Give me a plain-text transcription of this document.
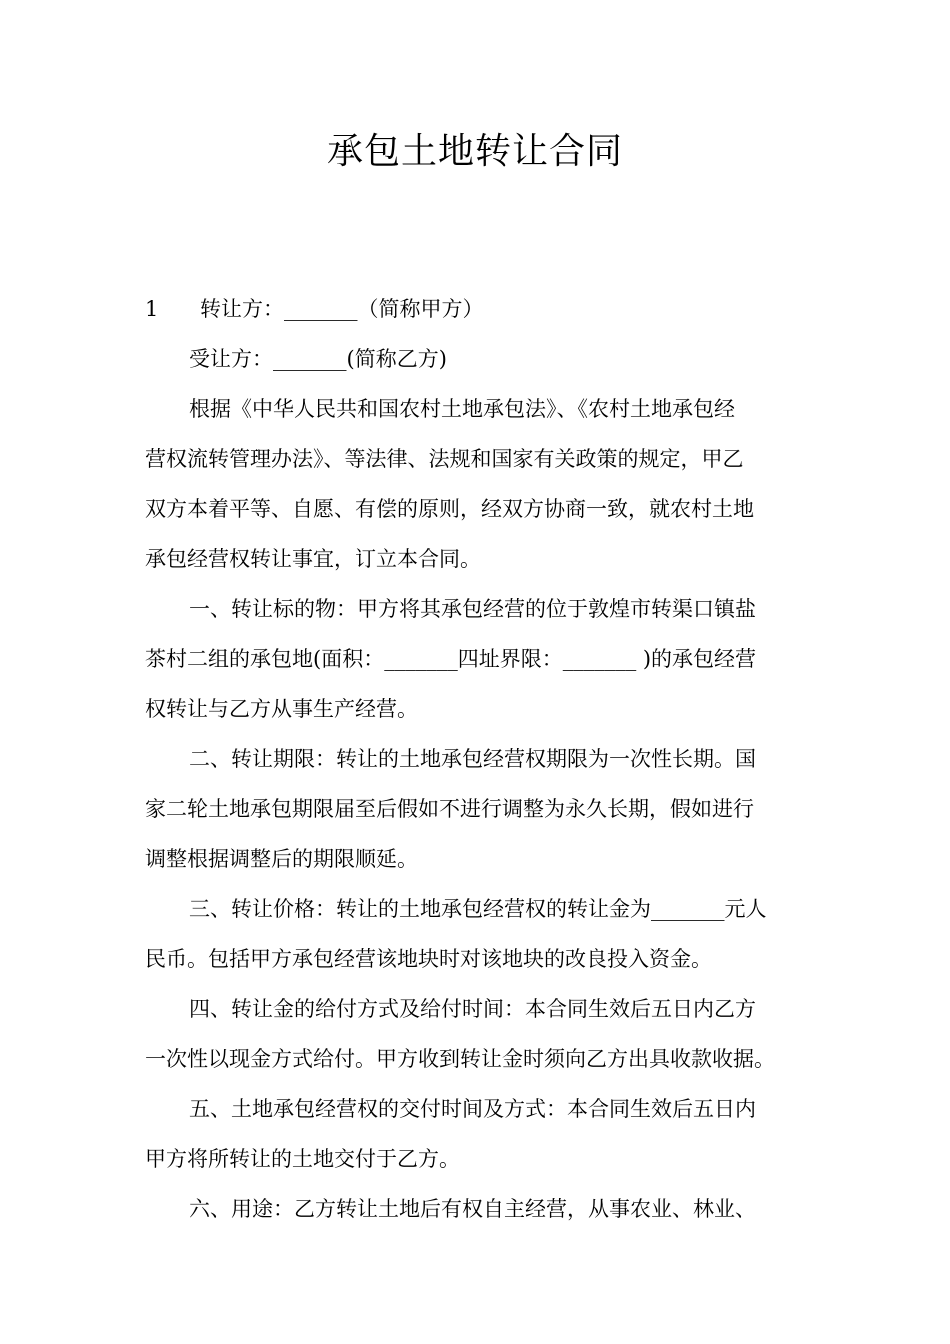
承包土地转让合同
1 转让方：_______（简称甲方）
受让方：_______(简称乙方)
根据《中华人民共和国农村土地承包法》、《农村土地承包经
营权流转管理办法》、等法律、法规和国家有关政策的规定，甲乙
双方本着平等、自愿、有偿的原则，经双方协商一致，就农村土地
承包经营权转让事宜，订立本合同。
一、转让标的物：甲方将其承包经营的位于敦煌市转渠口镇盐
茶村二组的承包地(面积：_______四址界限：_______ )的承包经营
权转让与乙方从事生产经营。
二、转让期限：转让的土地承包经营权期限为一次性长期。国
家二轮土地承包期限届至后假如不进行调整为永久长期，假如进行
调整根据调整后的期限顺延。
三、转让价格：转让的土地承包经营权的转让金为_______元人
民币。包括甲方承包经营该地块时对该地块的改良投入资金。
四、转让金的给付方式及给付时间：本合同生效后五日内乙方
一次性以现金方式给付。甲方收到转让金时须向乙方出具收款收据。
五、土地承包经营权的交付时间及方式：本合同生效后五日内
甲方将所转让的土地交付于乙方。
六、用途：乙方转让土地后有权自主经营，从事农业、林业、
